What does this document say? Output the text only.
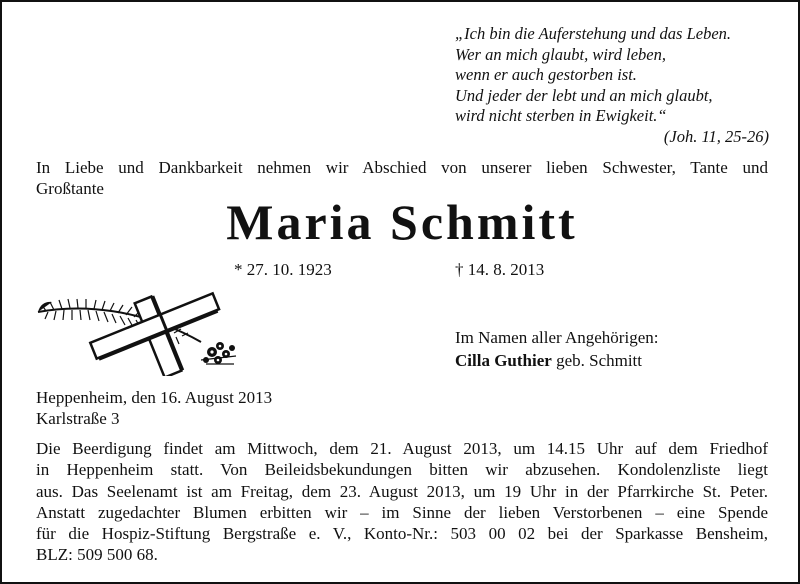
„Ich bin die Auferstehung und das Leben.
Wer an mich glaubt, wird leben,
wenn er auch gestorben ist.
Und jeder der lebt und an mich glaubt,
wird nicht sterben in Ewigkeit.“
(Joh. 11, 25-26)
In Liebe und Dankbarkeit nehmen wir Abschied von unserer lieben Schwester, Tante und
Großtante
Maria Schmitt
* 27. 10. 1923	† 14. 8. 2013
Im Namen aller Angehörigen:
Cilla Guthier geb. Schmitt
Heppenheim, den 16. August 2013
Karlstraße 3
Die Beerdigung findet am Mittwoch, dem 21. August 2013, um 14.15 Uhr auf dem Friedhof
in Heppenheim statt. Von Beileidsbekundungen bitten wir abzusehen. Kondolenzliste liegt
aus. Das Seelenamt ist am Freitag, dem 23. August 2013, um 19 Uhr in der Pfarrkirche St. Peter.
Anstatt zugedachter Blumen erbitten wir – im Sinne der lieben Verstorbenen – eine Spende
für die Hospiz-Stiftung Bergstraße e. V., Konto-Nr.: 503 00 02 bei der Sparkasse Bensheim,
BLZ: 509 500 68.
